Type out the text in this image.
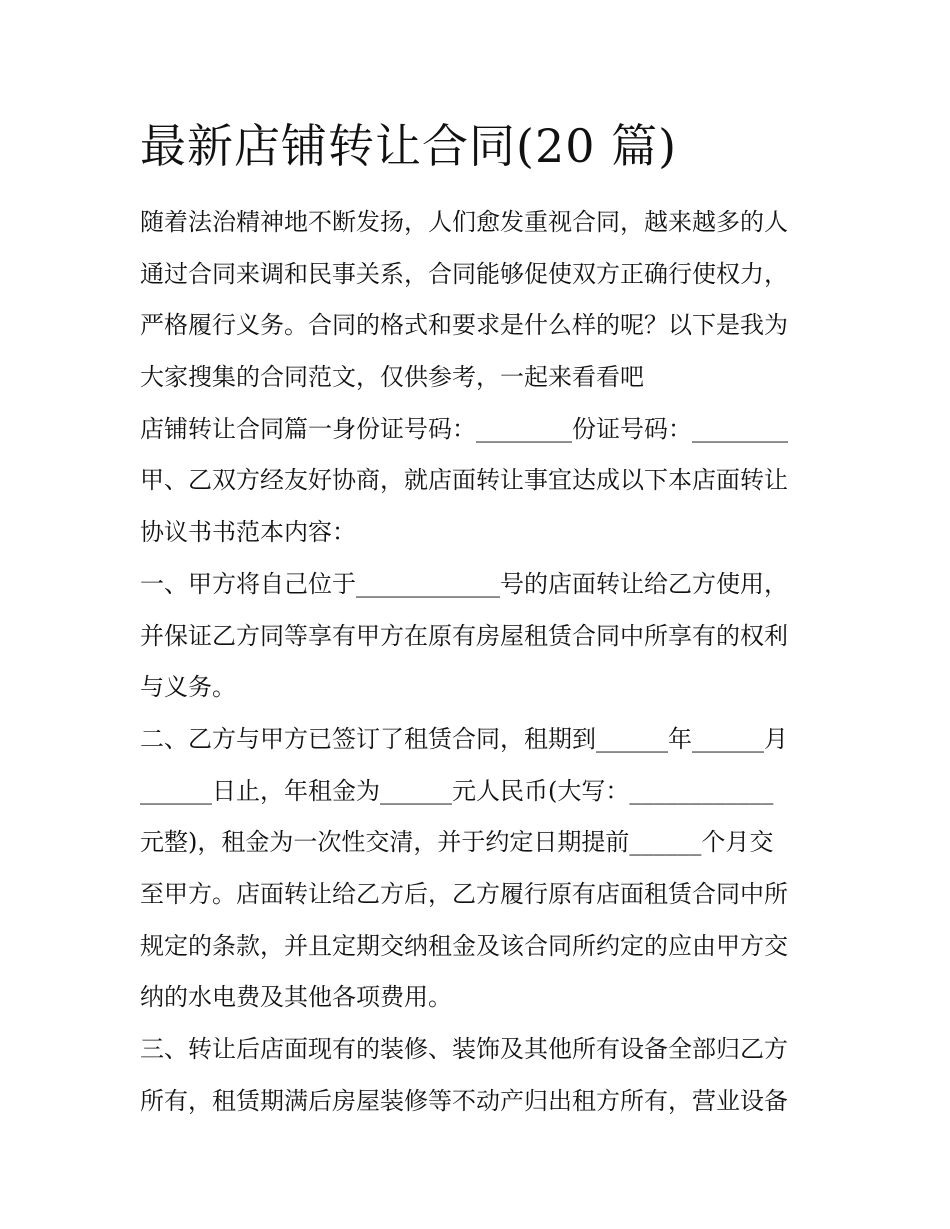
最新店铺转让合同(20 篇)
随着法治精神地不断发扬，人们愈发重视合同，越来越多的人
通过合同来调和民事关系，合同能够促使双方正确行使权力，
严格履行义务。合同的格式和要求是什么样的呢？以下是我为
大家搜集的合同范文，仅供参考，一起来看看吧
店铺转让合同篇一身份证号码：________份证号码：________
甲、乙双方经友好协商，就店面转让事宜达成以下本店面转让
协议书书范本内容：
一、甲方将自己位于____________号的店面转让给乙方使用，
并保证乙方同等享有甲方在原有房屋租赁合同中所享有的权利
与义务。
二、乙方与甲方已签订了租赁合同，租期到______年______月
______日止，年租金为______元人民币(大写：____________
元整)，租金为一次性交清，并于约定日期提前______个月交
至甲方。店面转让给乙方后，乙方履行原有店面租赁合同中所
规定的条款，并且定期交纳租金及该合同所约定的应由甲方交
纳的水电费及其他各项费用。
三、转让后店面现有的装修、装饰及其他所有设备全部归乙方
所有，租赁期满后房屋装修等不动产归出租方所有，营业设备
